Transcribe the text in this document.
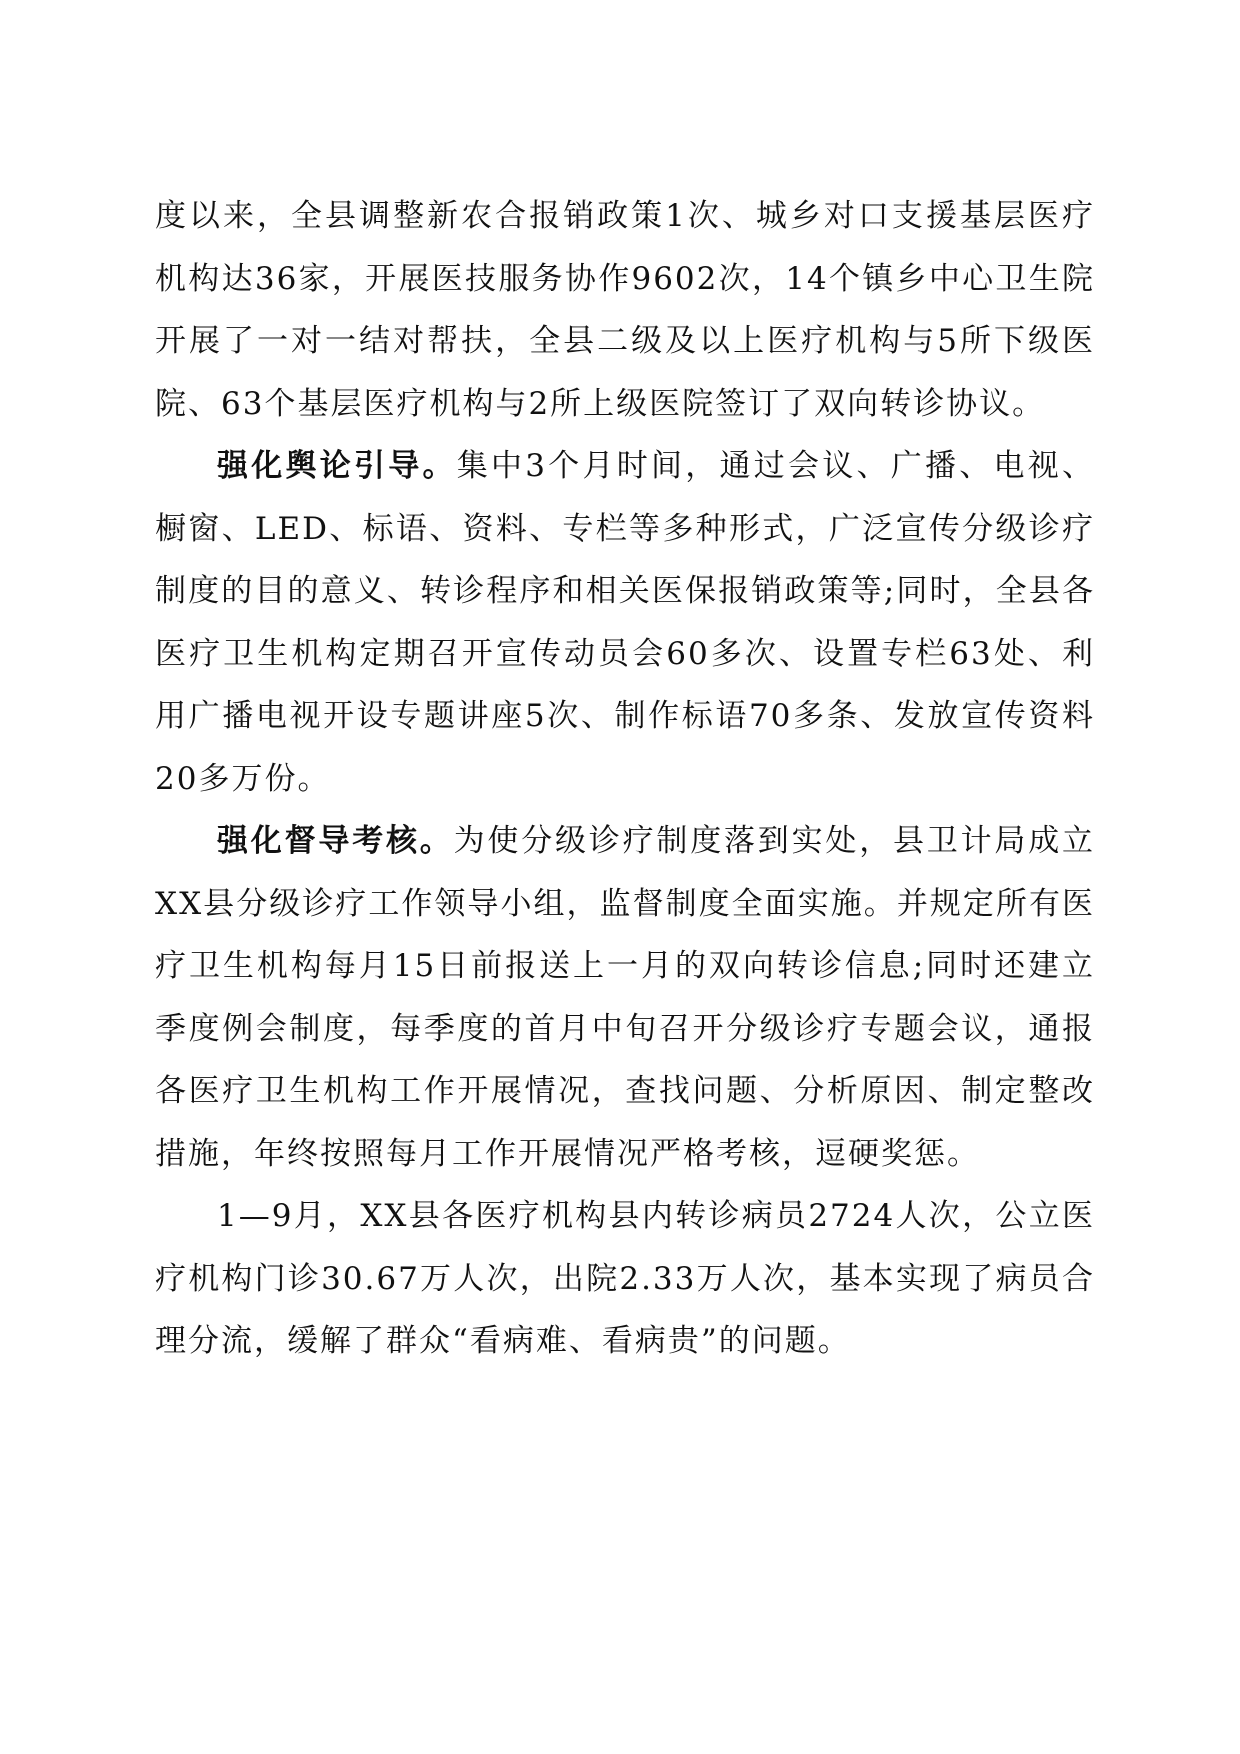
度以来，全县调整新农合报销政策1次、城乡对口支援基层医疗机构达36家，开展医技服务协作9602次，14个镇乡中心卫生院开展了一对一结对帮扶，全县二级及以上医疗机构与5所下级医院、63个基层医疗机构与2所上级医院签订了双向转诊协议。

强化舆论引导。集中3个月时间，通过会议、广播、电视、橱窗、LED、标语、资料、专栏等多种形式，广泛宣传分级诊疗制度的目的意义、转诊程序和相关医保报销政策等;同时，全县各医疗卫生机构定期召开宣传动员会60多次、设置专栏63处、利用广播电视开设专题讲座5次、制作标语70多条、发放宣传资料20多万份。

强化督导考核。为使分级诊疗制度落到实处，县卫计局成立XX县分级诊疗工作领导小组，监督制度全面实施。并规定所有医疗卫生机构每月15日前报送上一月的双向转诊信息;同时还建立季度例会制度，每季度的首月中旬召开分级诊疗专题会议，通报各医疗卫生机构工作开展情况，查找问题、分析原因、制定整改措施，年终按照每月工作开展情况严格考核，逗硬奖惩。

1—9月，XX县各医疗机构县内转诊病员2724人次，公立医疗机构门诊30.67万人次，出院2.33万人次，基本实现了病员合理分流，缓解了群众“看病难、看病贵”的问题。
